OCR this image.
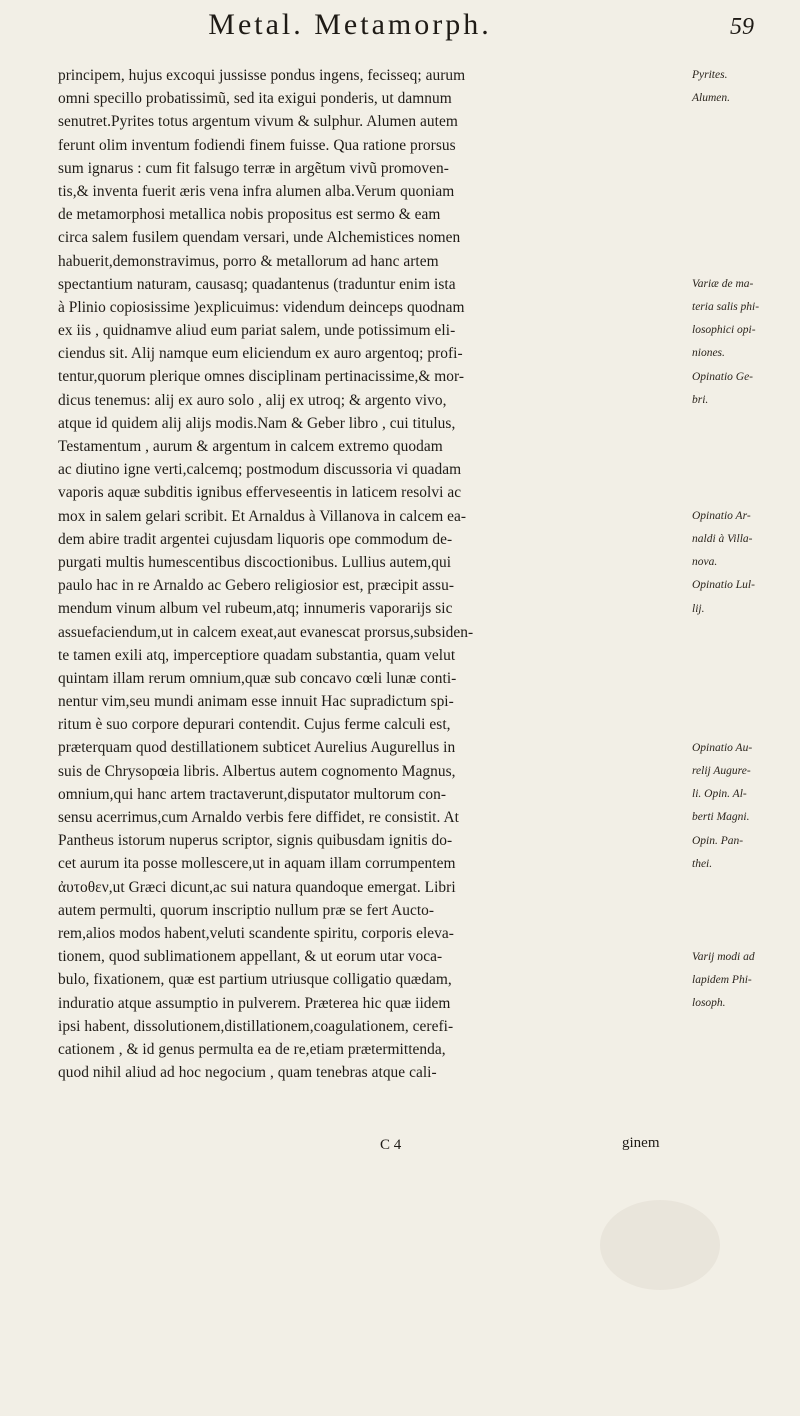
Metal. Metamorph.	59
principem, hujus excoqui jussisse pondus ingens, fecisseq; aurum
omni specillo probatissimũ, sed ita exigui ponderis, ut damnum
senutret.Pyrites totus argentum vivum & sulphur. Alumen autem
ferunt olim inventum fodiendi finem fuisse. Qua ratione prorsus
sum ignarus : cum fit falsugo terræ in argẽtum vivũ promoven-
tis,& inventa fuerit æris vena infra alumen alba.Verum quoniam
de metamorphosi metallica nobis propositus est sermo & eam
circa salem fusilem quendam versari, unde Alchemistices nomen
habuerit,demonstravimus, porro & metallorum ad hanc artem
spectantium naturam, causasq; quadantenus (traduntur enim ista
à Plinio copiosissime )explicuimus: videndum deinceps quodnam
ex iis , quidnamve aliud eum pariat salem, unde potissimum eli-
ciendus sit. Alij namque eum eliciendum ex auro argentoq; profi-
tentur,quorum plerique omnes disciplinam pertinacissime,& mor-
dicus tenemus: alij ex auro solo , alij ex utroq; & argento vivo,
atque id quidem alij alijs modis.Nam & Geber libro , cui titulus,
Testamentum , aurum & argentum in calcem extremo quodam
ac diutino igne verti,calcemq; postmodum discussoria vi quadam
vaporis aquæ subditis ignibus efferveseentis in laticem resolvi ac
mox in salem gelari scribit. Et Arnaldus à Villanova in calcem ea-
dem abire tradit argentei cujusdam liquoris ope commodum de-
purgati multis humescentibus discoctionibus. Lullius autem,qui
paulo hac in re Arnaldo ac Gebero religiosior est, præcipit assu-
mendum vinum album vel rubeum,atq; innumeris vaporarijs sic
assuefaciendum,ut in calcem exeat,aut evanescat prorsus,subsiden-
te tamen exili atq, imperceptiore quadam substantia, quam velut
quintam illam rerum omnium,quæ sub concavo cœli lunæ conti-
nentur vim,seu mundi animam esse innuit Hac supradictum spi-
ritum è suo corpore depurari contendit. Cujus ferme calculi est,
præterquam quod destillationem subticet Aurelius Augurellus in
suis de Chrysopœia libris. Albertus autem cognomento Magnus,
omnium,qui hanc artem tractaverunt,disputator multorum con-
sensu acerrimus,cum Arnaldo verbis fere diffidet, re consistit. At
Pantheus istorum nuperus scriptor, signis quibusdam ignitis do-
cet aurum ita posse mollescere,ut in aquam illam corrumpentem
ἀυτοθεν,ut Græci dicunt,ac sui natura quandoque emergat. Libri
autem permulti, quorum inscriptio nullum præ se fert Aucto-
rem,alios modos habent,veluti scandente spiritu, corporis eleva-
tionem, quod sublimationem appellant, & ut eorum utar voca-
bulo, fixationem, quæ est partium utriusque colligatio quædam,
induratio atque assumptio in pulverem. Præterea hic quæ iidem
ipsi habent, dissolutionem,distillationem,coagulationem, cerefi-
cationem , & id genus permulta ea de re,etiam prætermittenda,
quod nihil aliud ad hoc negocium , quam tenebras atque cali-
Pyrites.
Alumen.
Variæ de ma-
teria salis phi-
losophici opi-
niones.
Opinatio Ge-
bri.
Opinatio Ar-
naldi à Villa-
nova.
Opinatio Lul-
lij.
Opinatio Au-
relij Augure-
li. Opin. Al-
berti Magni.
Opin. Pan-
thei.
Varij modi ad
lapidem Phi-
losoph.
C 4	ginem
